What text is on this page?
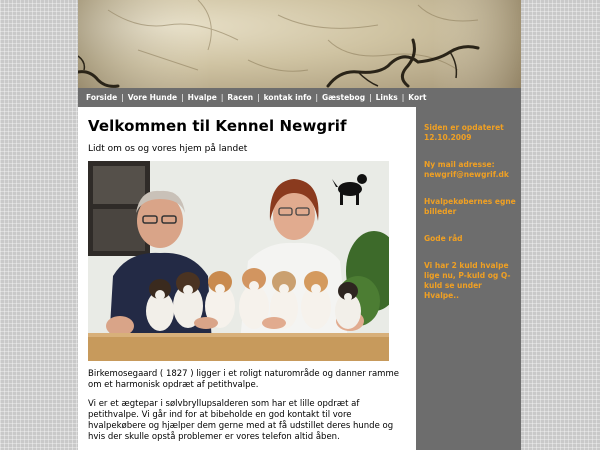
Forside | Vore Hunde | Hvalpe | Racen | kontak info | Gæstebog | Links | Kort
Velkommen til Kennel Newgrif

Lidt om os og vores hjem på landet

Birkemosegaard ( 1827 ) ligger i et roligt naturområde og danner ramme om et harmonisk opdræt af petithvalpe.

Vi er et ægtepar i sølvbryllupsalderen som har et lille opdræt af petithvalpe. Vi går ind for at bibeholde en god kontakt til vore hvalpekøbere og hjælper dem gerne med at få udstillet deres hunde og hvis der skulle opstå problemer er vores telefon altid åben.

Siden er opdateret 12.10.2009
Ny mail adresse: newgrif@newgrif.dk
Hvalpekøbernes egne billeder
Gode råd
Vi har 2 kuld hvalpe lige nu, P-kuld og Q-kuld se under Hvalpe..
